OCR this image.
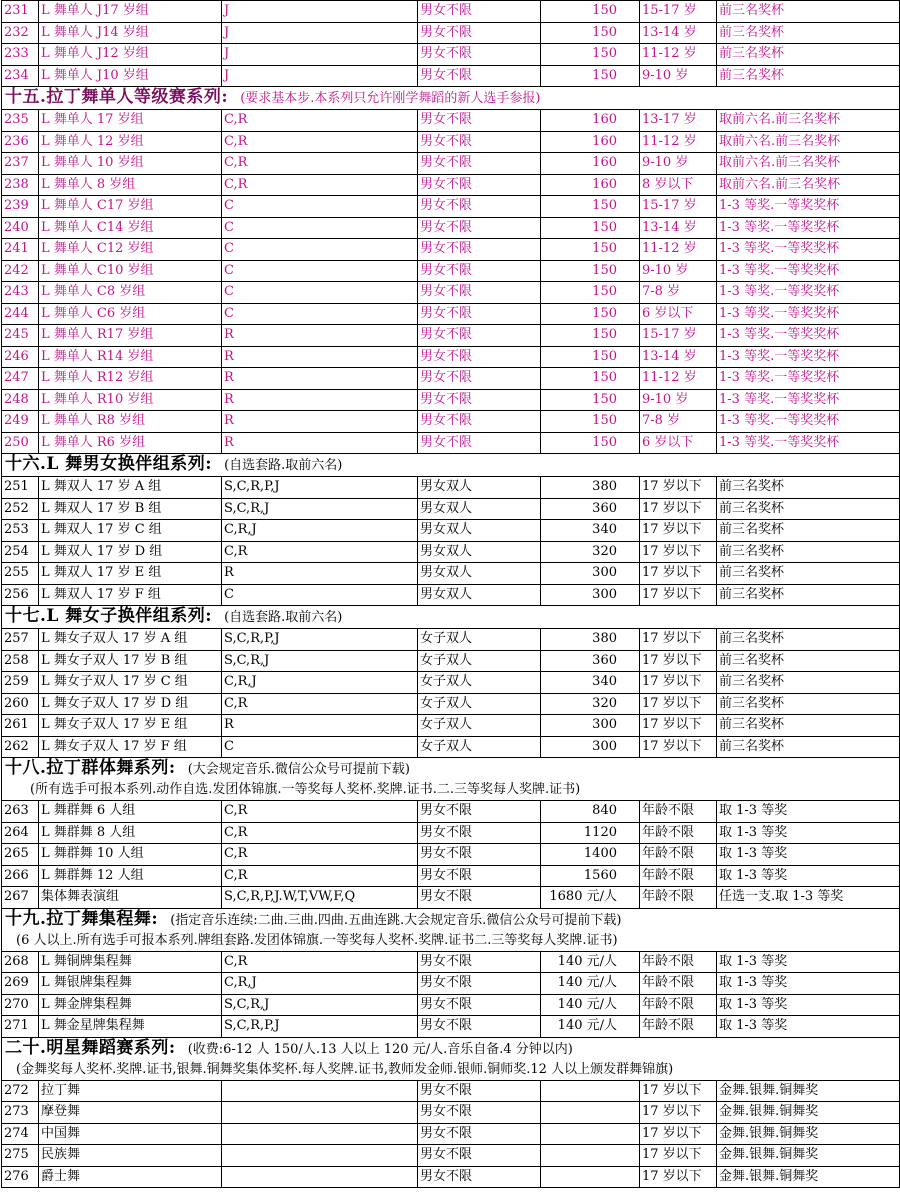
231	L 舞单人 J17 岁组	J	男女不限	150	15-17 岁	前三名奖杯
232	L 舞单人 J14 岁组	J	男女不限	150	13-14 岁	前三名奖杯
233	L 舞单人 J12 岁组	J	男女不限	150	11-12 岁	前三名奖杯
234	L 舞单人 J10 岁组	J	男女不限	150	9-10 岁	前三名奖杯
十五.拉丁舞单人等级赛系列: (要求基本步.本系列只允许刚学舞蹈的新人选手参报)						
235	L 舞单人 17 岁组	C,R	男女不限	160	13-17 岁	取前六名.前三名奖杯
236	L 舞单人 12 岁组	C,R	男女不限	160	11-12 岁	取前六名.前三名奖杯
237	L 舞单人 10 岁组	C,R	男女不限	160	9-10 岁	取前六名.前三名奖杯
238	L 舞单人 8 岁组	C,R	男女不限	160	8 岁以下	取前六名.前三名奖杯
239	L 舞单人 C17 岁组	C	男女不限	150	15-17 岁	1-3 等奖.一等奖奖杯
240	L 舞单人 C14 岁组	C	男女不限	150	13-14 岁	1-3 等奖.一等奖奖杯
241	L 舞单人 C12 岁组	C	男女不限	150	11-12 岁	1-3 等奖.一等奖奖杯
242	L 舞单人 C10 岁组	C	男女不限	150	9-10 岁	1-3 等奖.一等奖奖杯
243	L 舞单人 C8 岁组	C	男女不限	150	7-8 岁	1-3 等奖.一等奖奖杯
244	L 舞单人 C6 岁组	C	男女不限	150	6 岁以下	1-3 等奖.一等奖奖杯
245	L 舞单人 R17 岁组	R	男女不限	150	15-17 岁	1-3 等奖.一等奖奖杯
246	L 舞单人 R14 岁组	R	男女不限	150	13-14 岁	1-3 等奖.一等奖奖杯
247	L 舞单人 R12 岁组	R	男女不限	150	11-12 岁	1-3 等奖.一等奖奖杯
248	L 舞单人 R10 岁组	R	男女不限	150	9-10 岁	1-3 等奖.一等奖奖杯
249	L 舞单人 R8 岁组	R	男女不限	150	7-8 岁	1-3 等奖.一等奖奖杯
250	L 舞单人 R6 岁组	R	男女不限	150	6 岁以下	1-3 等奖.一等奖奖杯
十六.L 舞男女换伴组系列: (自选套路.取前六名)						
251	L 舞双人 17 岁 A 组	S,C,R,P,J	男女双人	380	17 岁以下	前三名奖杯
252	L 舞双人 17 岁 B 组	S,C,R,J	男女双人	360	17 岁以下	前三名奖杯
253	L 舞双人 17 岁 C 组	C,R,J	男女双人	340	17 岁以下	前三名奖杯
254	L 舞双人 17 岁 D 组	C,R	男女双人	320	17 岁以下	前三名奖杯
255	L 舞双人 17 岁 E 组	R	男女双人	300	17 岁以下	前三名奖杯
256	L 舞双人 17 岁 F 组	C	男女双人	300	17 岁以下	前三名奖杯
十七.L 舞女子换伴组系列: (自选套路.取前六名)						
257	L 舞女子双人 17 岁 A 组	S,C,R,P,J	女子双人	380	17 岁以下	前三名奖杯
258	L 舞女子双人 17 岁 B 组	S,C,R,J	女子双人	360	17 岁以下	前三名奖杯
259	L 舞女子双人 17 岁 C 组	C,R,J	女子双人	340	17 岁以下	前三名奖杯
260	L 舞女子双人 17 岁 D 组	C,R	女子双人	320	17 岁以下	前三名奖杯
261	L 舞女子双人 17 岁 E 组	R	女子双人	300	17 岁以下	前三名奖杯
262	L 舞女子双人 17 岁 F 组	C	女子双人	300	17 岁以下	前三名奖杯
十八.拉丁群体舞系列: (大会规定音乐.微信公众号可提前下载)						
(所有选手可报本系列.动作自选.发团体锦旗.一等奖每人奖杯.奖牌.证书.二.三等奖每人奖牌.证书)						
263	L 舞群舞 6 人组	C,R	男女不限	840	年龄不限	取 1-3 等奖
264	L 舞群舞 8 人组	C,R	男女不限	1120	年龄不限	取 1-3 等奖
265	L 舞群舞 10 人组	C,R	男女不限	1400	年龄不限	取 1-3 等奖
266	L 舞群舞 12 人组	C,R	男女不限	1560	年龄不限	取 1-3 等奖
267	集体舞表演组	S,C,R,P,J.W,T,VW,F,Q	男女不限	1680 元/人	年龄不限	任选一支.取 1-3 等奖
十九.拉丁舞集程舞: (指定音乐连续:二曲.三曲.四曲.五曲连跳.大会规定音乐.微信公众号可提前下载)						
(6 人以上.所有选手可报本系列.牌组套路.发团体锦旗.一等奖每人奖杯.奖牌.证书二.三等奖每人奖牌.证书)						
268	L 舞铜牌集程舞	C,R	男女不限	140 元/人	年龄不限	取 1-3 等奖
269	L 舞银牌集程舞	C,R,J	男女不限	140 元/人	年龄不限	取 1-3 等奖
270	L 舞金牌集程舞	S,C,R,J	男女不限	140 元/人	年龄不限	取 1-3 等奖
271	L 舞金星牌集程舞	S,C,R,P,J	男女不限	140 元/人	年龄不限	取 1-3 等奖
二十.明星舞蹈赛系列: (收费:6-12 人 150/人.13 人以上 120 元/人.音乐自备.4 分钟以内)						
(金舞奖每人奖杯.奖牌.证书,银舞.铜舞奖集体奖杯.每人奖牌.证书,教师发金师.银师.铜师奖.12 人以上颁发群舞锦旗)						
272	拉丁舞		男女不限		17 岁以下	金舞.银舞.铜舞奖
273	摩登舞		男女不限		17 岁以下	金舞.银舞.铜舞奖
274	中国舞		男女不限		17 岁以下	金舞.银舞.铜舞奖
275	民族舞		男女不限		17 岁以下	金舞.银舞.铜舞奖
276	爵士舞		男女不限		17 岁以下	金舞.银舞.铜舞奖
